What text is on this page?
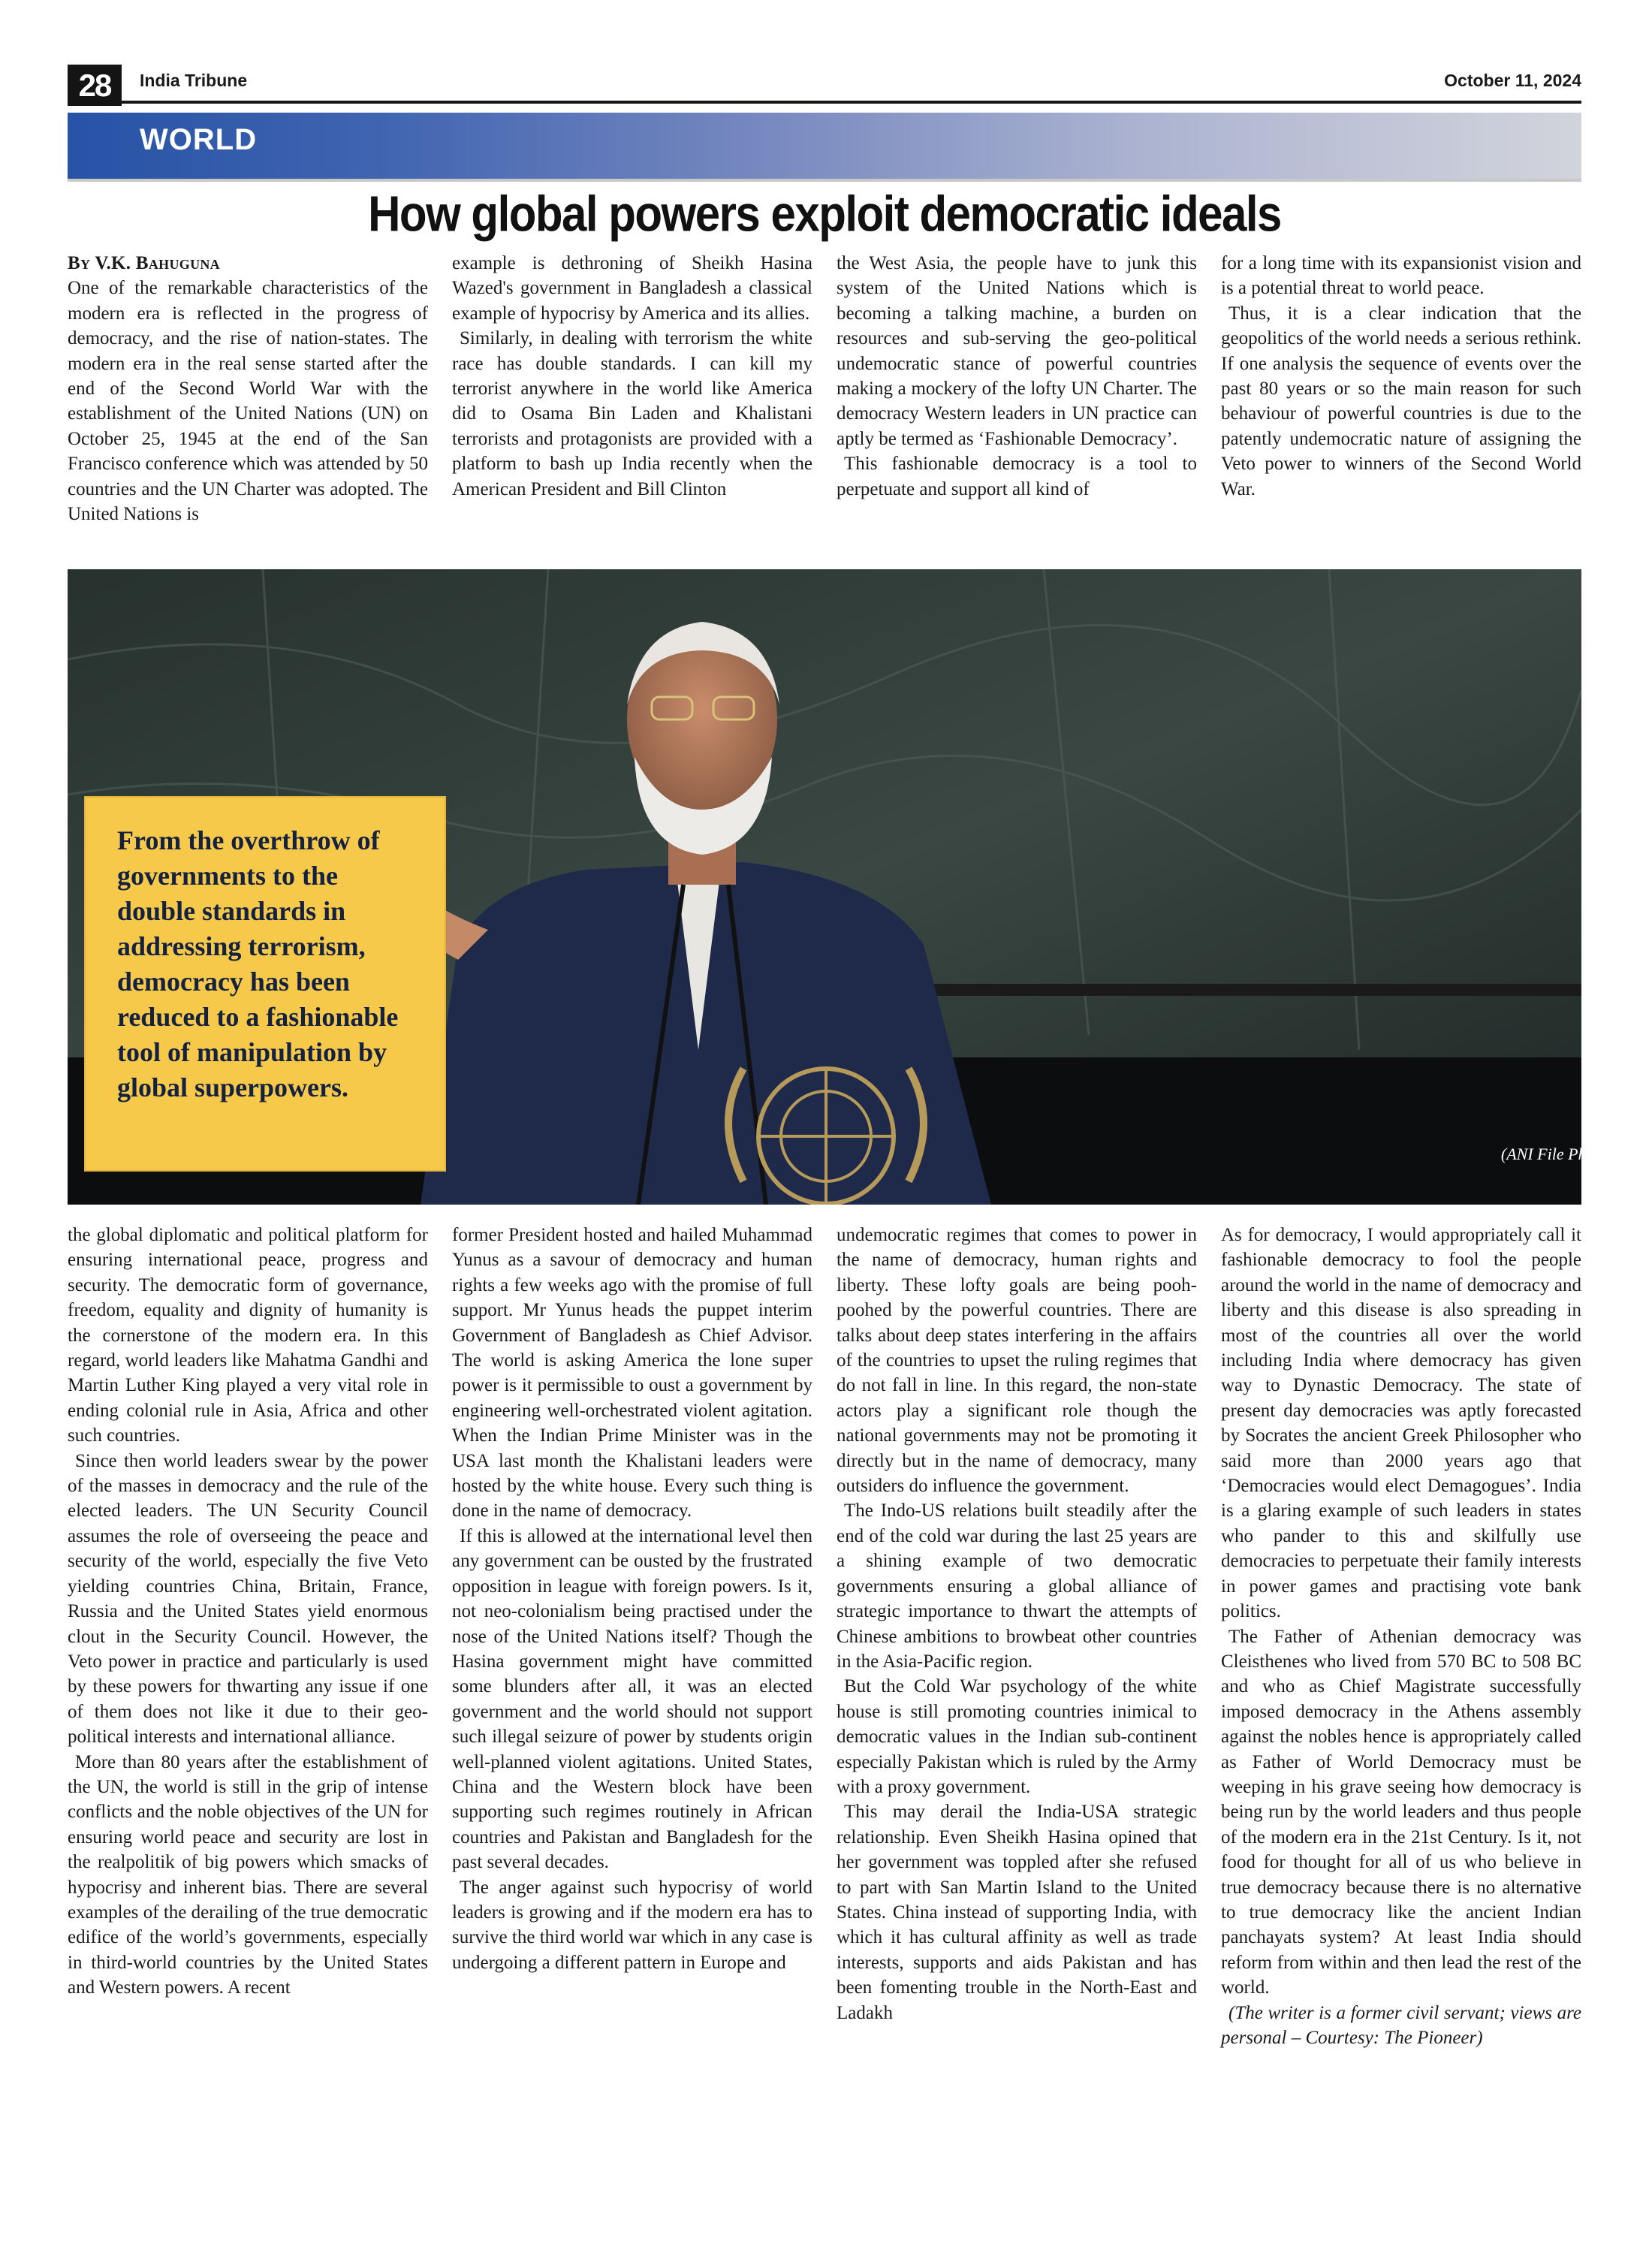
28	India Tribune	October 11, 2024
WORLD
How global powers exploit democratic ideals

By V.K. Bahuguna

One of the remarkable characteristics of the modern era is reflected in the progress of democracy, and the rise of nation-states. The modern era in the real sense started after the end of the Second World War with the establishment of the United Nations (UN) on October 25, 1945 at the end of the San Francisco conference which was attended by 50 countries and the UN Charter was adopted. The United Nations is

example is dethroning of Sheikh Hasina Wazed's government in Bangladesh a classical example of hypocrisy by America and its allies.

Similarly, in dealing with terrorism the white race has double standards. I can kill my terrorist anywhere in the world like America did to Osama Bin Laden and Khalistani terrorists and protagonists are provided with a platform to bash up India recently when the American President and Bill Clinton

the West Asia, the people have to junk this system of the United Nations which is becoming a talking machine, a burden on resources and sub-serving the geo-political undemocratic stance of powerful countries making a mockery of the lofty UN Charter. The democracy Western leaders in UN practice can aptly be termed as ‘Fashionable Democracy’.

This fashionable democracy is a tool to perpetuate and support all kind of

for a long time with its expansionist vision and is a potential threat to world peace.

Thus, it is a clear indication that the geopolitics of the world needs a serious rethink. If one analysis the sequence of events over the past 80 years or so the main reason for such behaviour of powerful countries is due to the patently undemocratic nature of assigning the Veto power to winners of the Second World War.

From the overthrow of governments to the double standards in addressing terrorism, democracy has been reduced to a fashionable tool of manipulation by global superpowers.

(ANI File Photo)

the global diplomatic and political platform for ensuring international peace, progress and security. The democratic form of governance, freedom, equality and dignity of humanity is the cornerstone of the modern era. In this regard, world leaders like Mahatma Gandhi and Martin Luther King played a very vital role in ending colonial rule in Asia, Africa and other such countries.

Since then world leaders swear by the power of the masses in democracy and the rule of the elected leaders. The UN Security Council assumes the role of overseeing the peace and security of the world, especially the five Veto yielding countries China, Britain, France, Russia and the United States yield enormous clout in the Security Council. However, the Veto power in practice and particularly is used by these powers for thwarting any issue if one of them does not like it due to their geo-political interests and international alliance.

More than 80 years after the establishment of the UN, the world is still in the grip of intense conflicts and the noble objectives of the UN for ensuring world peace and security are lost in the realpolitik of big powers which smacks of hypocrisy and inherent bias. There are several examples of the derailing of the true democratic edifice of the world’s governments, especially in third-world countries by the United States and Western powers. A recent

former President hosted and hailed Muhammad Yunus as a savour of democracy and human rights a few weeks ago with the promise of full support. Mr Yunus heads the puppet interim Government of Bangladesh as Chief Advisor. The world is asking America the lone super power is it permissible to oust a government by engineering well-orchestrated violent agitation. When the Indian Prime Minister was in the USA last month the Khalistani leaders were hosted by the white house. Every such thing is done in the name of democracy.

If this is allowed at the international level then any government can be ousted by the frustrated opposition in league with foreign powers. Is it, not neo-colonialism being practised under the nose of the United Nations itself? Though the Hasina government might have committed some blunders after all, it was an elected government and the world should not support such illegal seizure of power by students origin well-planned violent agitations. United States, China and the Western block have been supporting such regimes routinely in African countries and Pakistan and Bangladesh for the past several decades.

The anger against such hypocrisy of world leaders is growing and if the modern era has to survive the third world war which in any case is undergoing a different pattern in Europe and

undemocratic regimes that comes to power in the name of democracy, human rights and liberty. These lofty goals are being pooh-poohed by the powerful countries. There are talks about deep states interfering in the affairs of the countries to upset the ruling regimes that do not fall in line. In this regard, the non-state actors play a significant role though the national governments may not be promoting it directly but in the name of democracy, many outsiders do influence the government.

The Indo-US relations built steadily after the end of the cold war during the last 25 years are a shining example of two democratic governments ensuring a global alliance of strategic importance to thwart the attempts of Chinese ambitions to browbeat other countries in the Asia-Pacific region.

But the Cold War psychology of the white house is still promoting countries inimical to democratic values in the Indian sub-continent especially Pakistan which is ruled by the Army with a proxy government.

This may derail the India-USA strategic relationship. Even Sheikh Hasina opined that her government was toppled after she refused to part with San Martin Island to the United States. China instead of supporting India, with which it has cultural affinity as well as trade interests, supports and aids Pakistan and has been fomenting trouble in the North-East and Ladakh

As for democracy, I would appropriately call it fashionable democracy to fool the people around the world in the name of democracy and liberty and this disease is also spreading in most of the countries all over the world including India where democracy has given way to Dynastic Democracy. The state of present day democracies was aptly forecasted by Socrates the ancient Greek Philosopher who said more than 2000 years ago that ‘Democracies would elect Demagogues’. India is a glaring example of such leaders in states who pander to this and skilfully use democracies to perpetuate their family interests in power games and practising vote bank politics.

The Father of Athenian democracy was Cleisthenes who lived from 570 BC to 508 BC and who as Chief Magistrate successfully imposed democracy in the Athens assembly against the nobles hence is appropriately called as Father of World Democracy must be weeping in his grave seeing how democracy is being run by the world leaders and thus people of the modern era in the 21st Century. Is it, not food for thought for all of us who believe in true democracy because there is no alternative to true democracy like the ancient Indian panchayats system? At least India should reform from within and then lead the rest of the world.

(The writer is a former civil servant; views are personal – Courtesy: The Pioneer)
